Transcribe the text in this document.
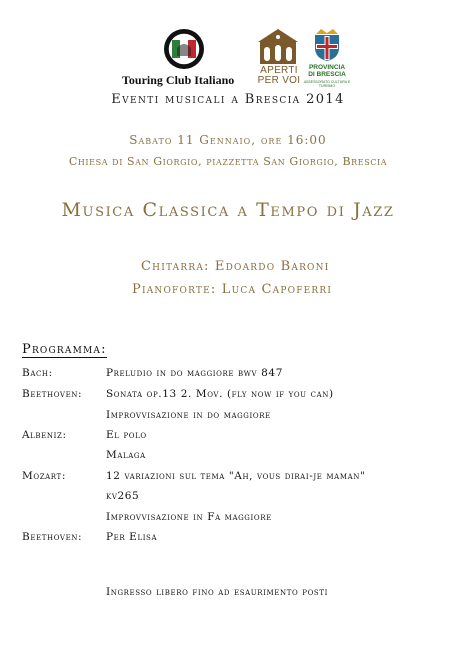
Touring Club Italiano
APERTI
PER VOI
PROVINCIA
DI BRESCIA
ASSESSORATO CULTURA E TURISMO
Eventi musicali a Brescia 2014
Sabato 11 Gennaio, ore 16:00
Chiesa di San Giorgio, piazzetta San Giorgio, Brescia
Musica Classica a Tempo di Jazz
Chitarra: Edoardo Baroni
Pianoforte: Luca Capoferri
Programma:
Bach:	Preludio in do maggiore bwv 847
Beethoven: Sonata op.13 2. Mov. (fly now if you can)
Improvvisazione in do maggiore
Albeniz:	El polo
Malaga
Mozart:	12 variazioni sul tema "Ah, vous dirai-je maman"
kv265
Improvvisazione in Fa maggiore
Beethoven: Per Elisa
Ingresso libero fino ad esaurimento posti
